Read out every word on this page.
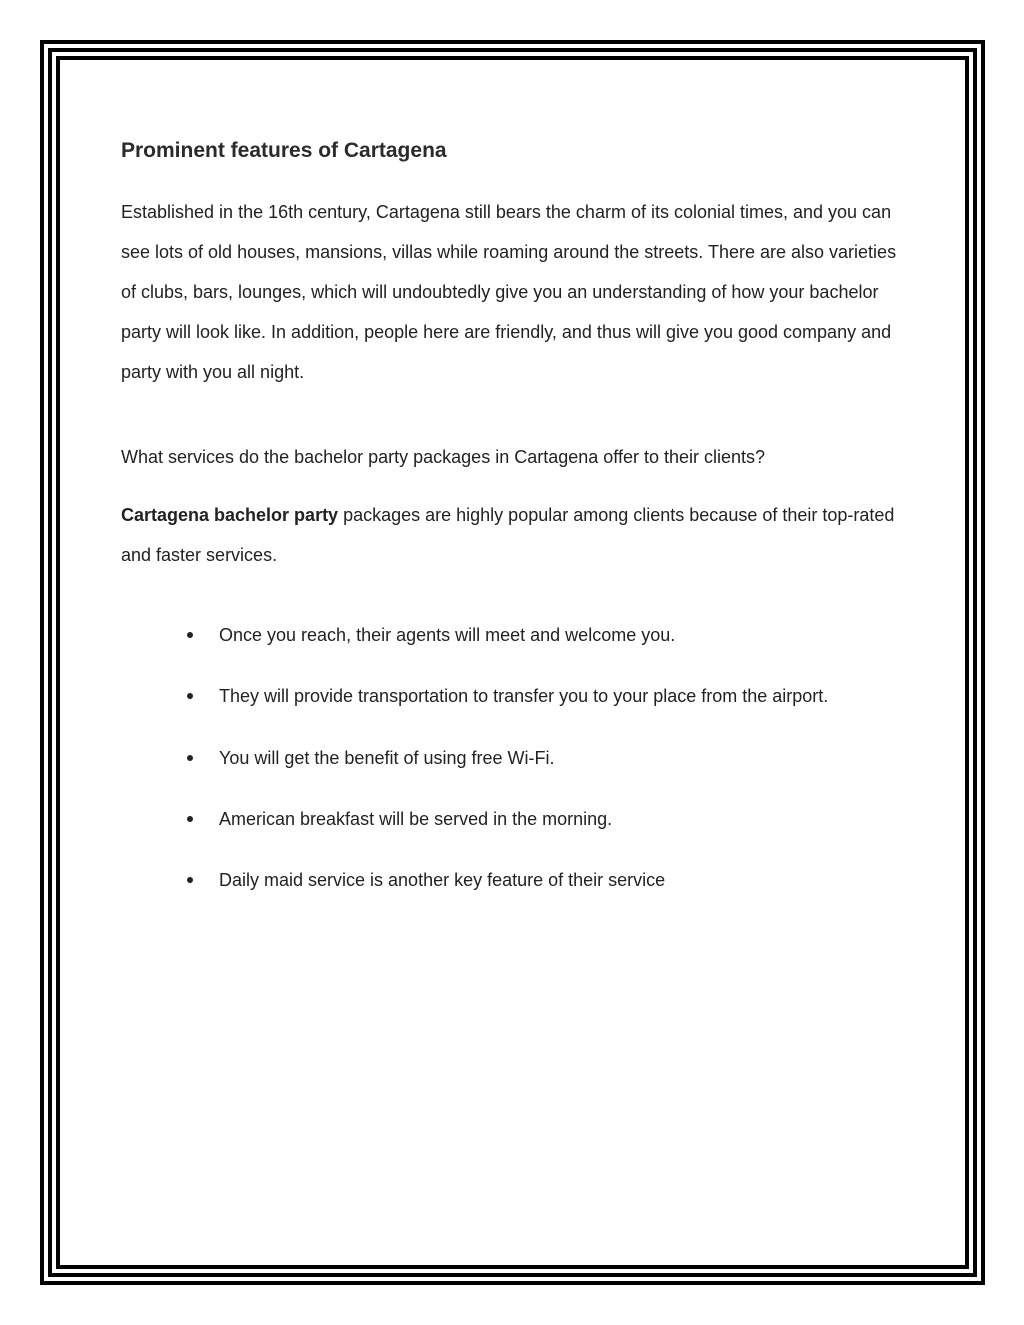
Prominent features of Cartagena

Established in the 16th century, Cartagena still bears the charm of its colonial times, and you can see lots of old houses, mansions, villas while roaming around the streets. There are also varieties of clubs, bars, lounges, which will undoubtedly give you an understanding of how your bachelor party will look like. In addition, people here are friendly, and thus will give you good company and party with you all night.

What services do the bachelor party packages in Cartagena offer to their clients?

Cartagena bachelor party packages are highly popular among clients because of their top-rated and faster services.

Once you reach, their agents will meet and welcome you.
They will provide transportation to transfer you to your place from the airport.
You will get the benefit of using free Wi-Fi.
American breakfast will be served in the morning.
Daily maid service is another key feature of their service
